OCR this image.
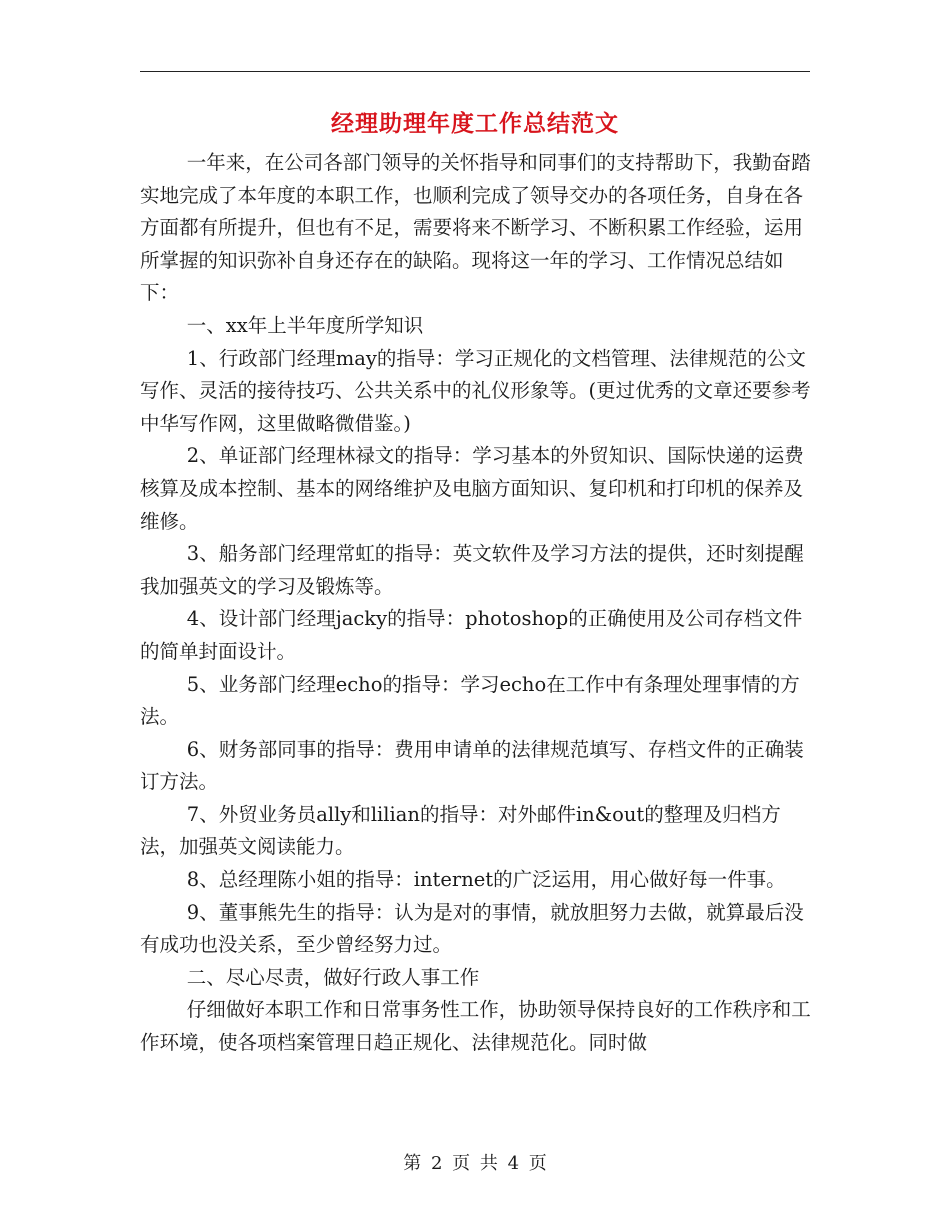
经理助理年度工作总结范文

一年来，在公司各部门领导的关怀指导和同事们的支持帮助下，我勤奋踏实地完成了本年度的本职工作，也顺利完成了领导交办的各项任务，自身在各方面都有所提升，但也有不足，需要将来不断学习、不断积累工作经验，运用所掌握的知识弥补自身还存在的缺陷。现将这一年的学习、工作情况总结如下：

一、xx年上半年度所学知识

1、行政部门经理may的指导：学习正规化的文档管理、法律规范的公文写作、灵活的接待技巧、公共关系中的礼仪形象等。(更过优秀的文章还要参考中华写作网，这里做略微借鉴。)

2、单证部门经理林禄文的指导：学习基本的外贸知识、国际快递的运费核算及成本控制、基本的网络维护及电脑方面知识、复印机和打印机的保养及维修。

3、船务部门经理常虹的指导：英文软件及学习方法的提供，还时刻提醒我加强英文的学习及锻炼等。

4、设计部门经理jacky的指导：photoshop的正确使用及公司存档文件的简单封面设计。

5、业务部门经理echo的指导：学习echo在工作中有条理处理事情的方法。

6、财务部同事的指导：费用申请单的法律规范填写、存档文件的正确装订方法。

7、外贸业务员ally和lilian的指导：对外邮件in&out的整理及归档方法，加强英文阅读能力。

8、总经理陈小姐的指导：internet的广泛运用，用心做好每一件事。

9、董事熊先生的指导：认为是对的事情，就放胆努力去做，就算最后没有成功也没关系，至少曾经努力过。

二、尽心尽责，做好行政人事工作

仔细做好本职工作和日常事务性工作，协助领导保持良好的工作秩序和工作环境，使各项档案管理日趋正规化、法律规范化。同时做

第 2 页 共 4 页
